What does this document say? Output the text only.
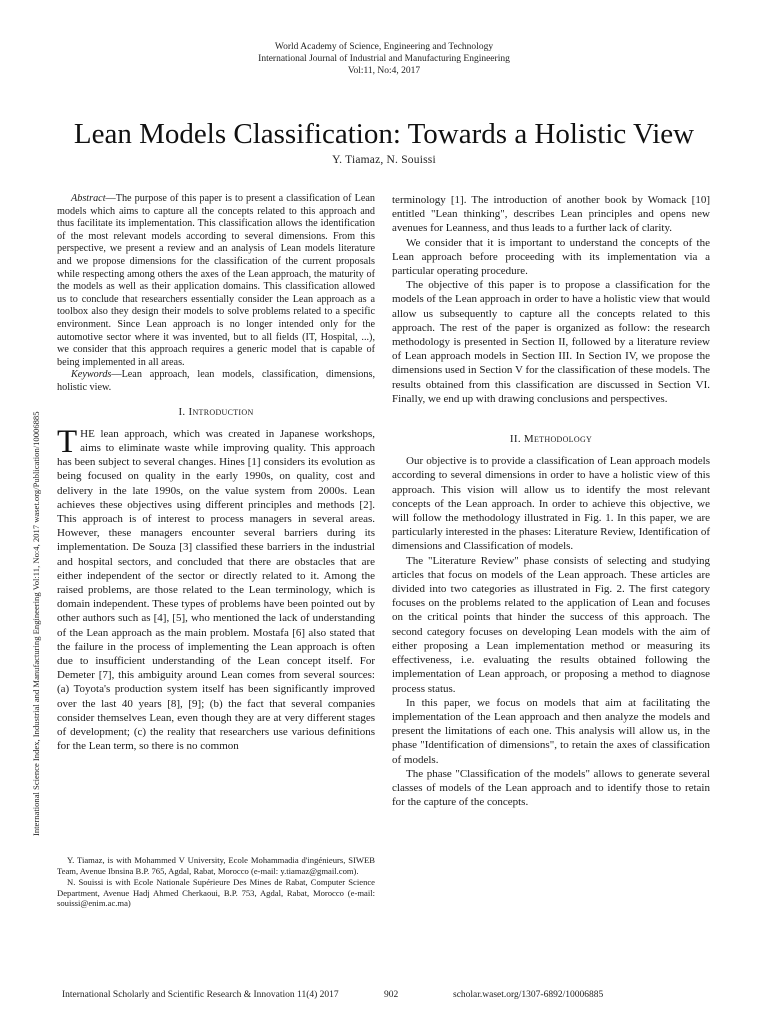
World Academy of Science, Engineering and Technology
International Journal of Industrial and Manufacturing Engineering
Vol:11, No:4, 2017
Lean Models Classification: Towards a Holistic View
Y. Tiamaz, N. Souissi

Abstract—The purpose of this paper is to present a classification of Lean models which aims to capture all the concepts related to this approach and thus facilitate its implementation. This classification allows the identification of the most relevant models according to several dimensions. From this perspective, we present a review and an analysis of Lean models literature and we propose dimensions for the classification of the current proposals while respecting among others the axes of the Lean approach, the maturity of the models as well as their application domains. This classification allowed us to conclude that researchers essentially consider the Lean approach as a toolbox also they design their models to solve problems related to a specific environment. Since Lean approach is no longer intended only for the automotive sector where it was invented, but to all fields (IT, Hospital, ...), we consider that this approach requires a generic model that is capable of being implemented in all areas.

Keywords—Lean approach, lean models, classification, dimensions, holistic view.

I. Introduction

THE lean approach, which was created in Japanese workshops, aims to eliminate waste while improving quality. This approach has been subject to several changes. Hines [1] considers its evolution as being focused on quality in the early 1990s, on quality, cost and delivery in the late 1990s, on the value system from 2000s. Lean achieves these objectives using different principles and methods [2]. This approach is of interest to process managers in several areas. However, these managers encounter several barriers during its implementation. De Souza [3] classified these barriers in the industrial and hospital sectors, and concluded that there are obstacles that are either independent of the sector or directly related to it. Among the raised problems, are those related to the Lean terminology, which is domain independent. These types of problems have been pointed out by other authors such as [4], [5], who mentioned the lack of understanding of the Lean approach as the main problem. Mostafa [6] also stated that the failure in the process of implementing the Lean approach is often due to insufficient understanding of the Lean concept itself. For Demeter [7], this ambiguity around Lean comes from several sources: (a) Toyota's production system itself has been significantly improved over the last 40 years [8], [9]; (b) the fact that several companies consider themselves Lean, even though they are at very different stages of development; (c) the reality that researchers use various definitions for the Lean term, so there is no common

terminology [1]. The introduction of another book by Womack [10] entitled "Lean thinking", describes Lean principles and opens new avenues for Leanness, and thus leads to a further lack of clarity.

We consider that it is important to understand the concepts of the Lean approach before proceeding with its implementation via a particular operating procedure.

The objective of this paper is to propose a classification for the models of the Lean approach in order to have a holistic view that would allow us subsequently to capture all the concepts related to this approach. The rest of the paper is organized as follow: the research methodology is presented in Section II, followed by a literature review of Lean approach models in Section III. In Section IV, we propose the dimensions used in Section V for the classification of these models. The results obtained from this classification are discussed in Section VI. Finally, we end up with drawing conclusions and perspectives.

II. Methodology

Our objective is to provide a classification of Lean approach models according to several dimensions in order to have a holistic view of this approach. This vision will allow us to identify the most relevant concepts of the Lean approach. In order to achieve this objective, we will follow the methodology illustrated in Fig. 1. In this paper, we are particularly interested in the phases: Literature Review, Identification of dimensions and Classification of models.

The "Literature Review" phase consists of selecting and studying articles that focus on models of the Lean approach. These articles are divided into two categories as illustrated in Fig. 2. The first category focuses on the problems related to the application of Lean and focuses on the critical points that hinder the success of this approach. The second category focuses on developing Lean models with the aim of either proposing a Lean implementation method or measuring its effectiveness, i.e. evaluating the results obtained following the implementation of Lean approach, or proposing a method to diagnose process status.

In this paper, we focus on models that aim at facilitating the implementation of the Lean approach and then analyze the models and present the limitations of each one. This analysis will allow us, in the phase "Identification of dimensions", to retain the axes of classification of models.

The phase "Classification of the models" allows to generate several classes of models of the Lean approach and to identify those to retain for the capture of the concepts.

Y. Tiamaz, is with Mohammed V University, Ecole Mohammadia d'ingénieurs, SIWEB Team, Avenue Ibnsina B.P. 765, Agdal, Rabat, Morocco (e-mail: y.tiamaz@gmail.com).

N. Souissi is with Ecole Nationale Supérieure Des Mines de Rabat, Computer Science Department, Avenue Hadj Ahmed Cherkaoui, B.P. 753, Agdal, Rabat, Morocco (e-mail: souissi@enim.ac.ma)

International Science Index, Industrial and Manufacturing Engineering Vol:11, No:4, 2017 waset.org/Publication/10006885
International Scholarly and Scientific Research & Innovation 11(4) 2017	902	scholar.waset.org/1307-6892/10006885
